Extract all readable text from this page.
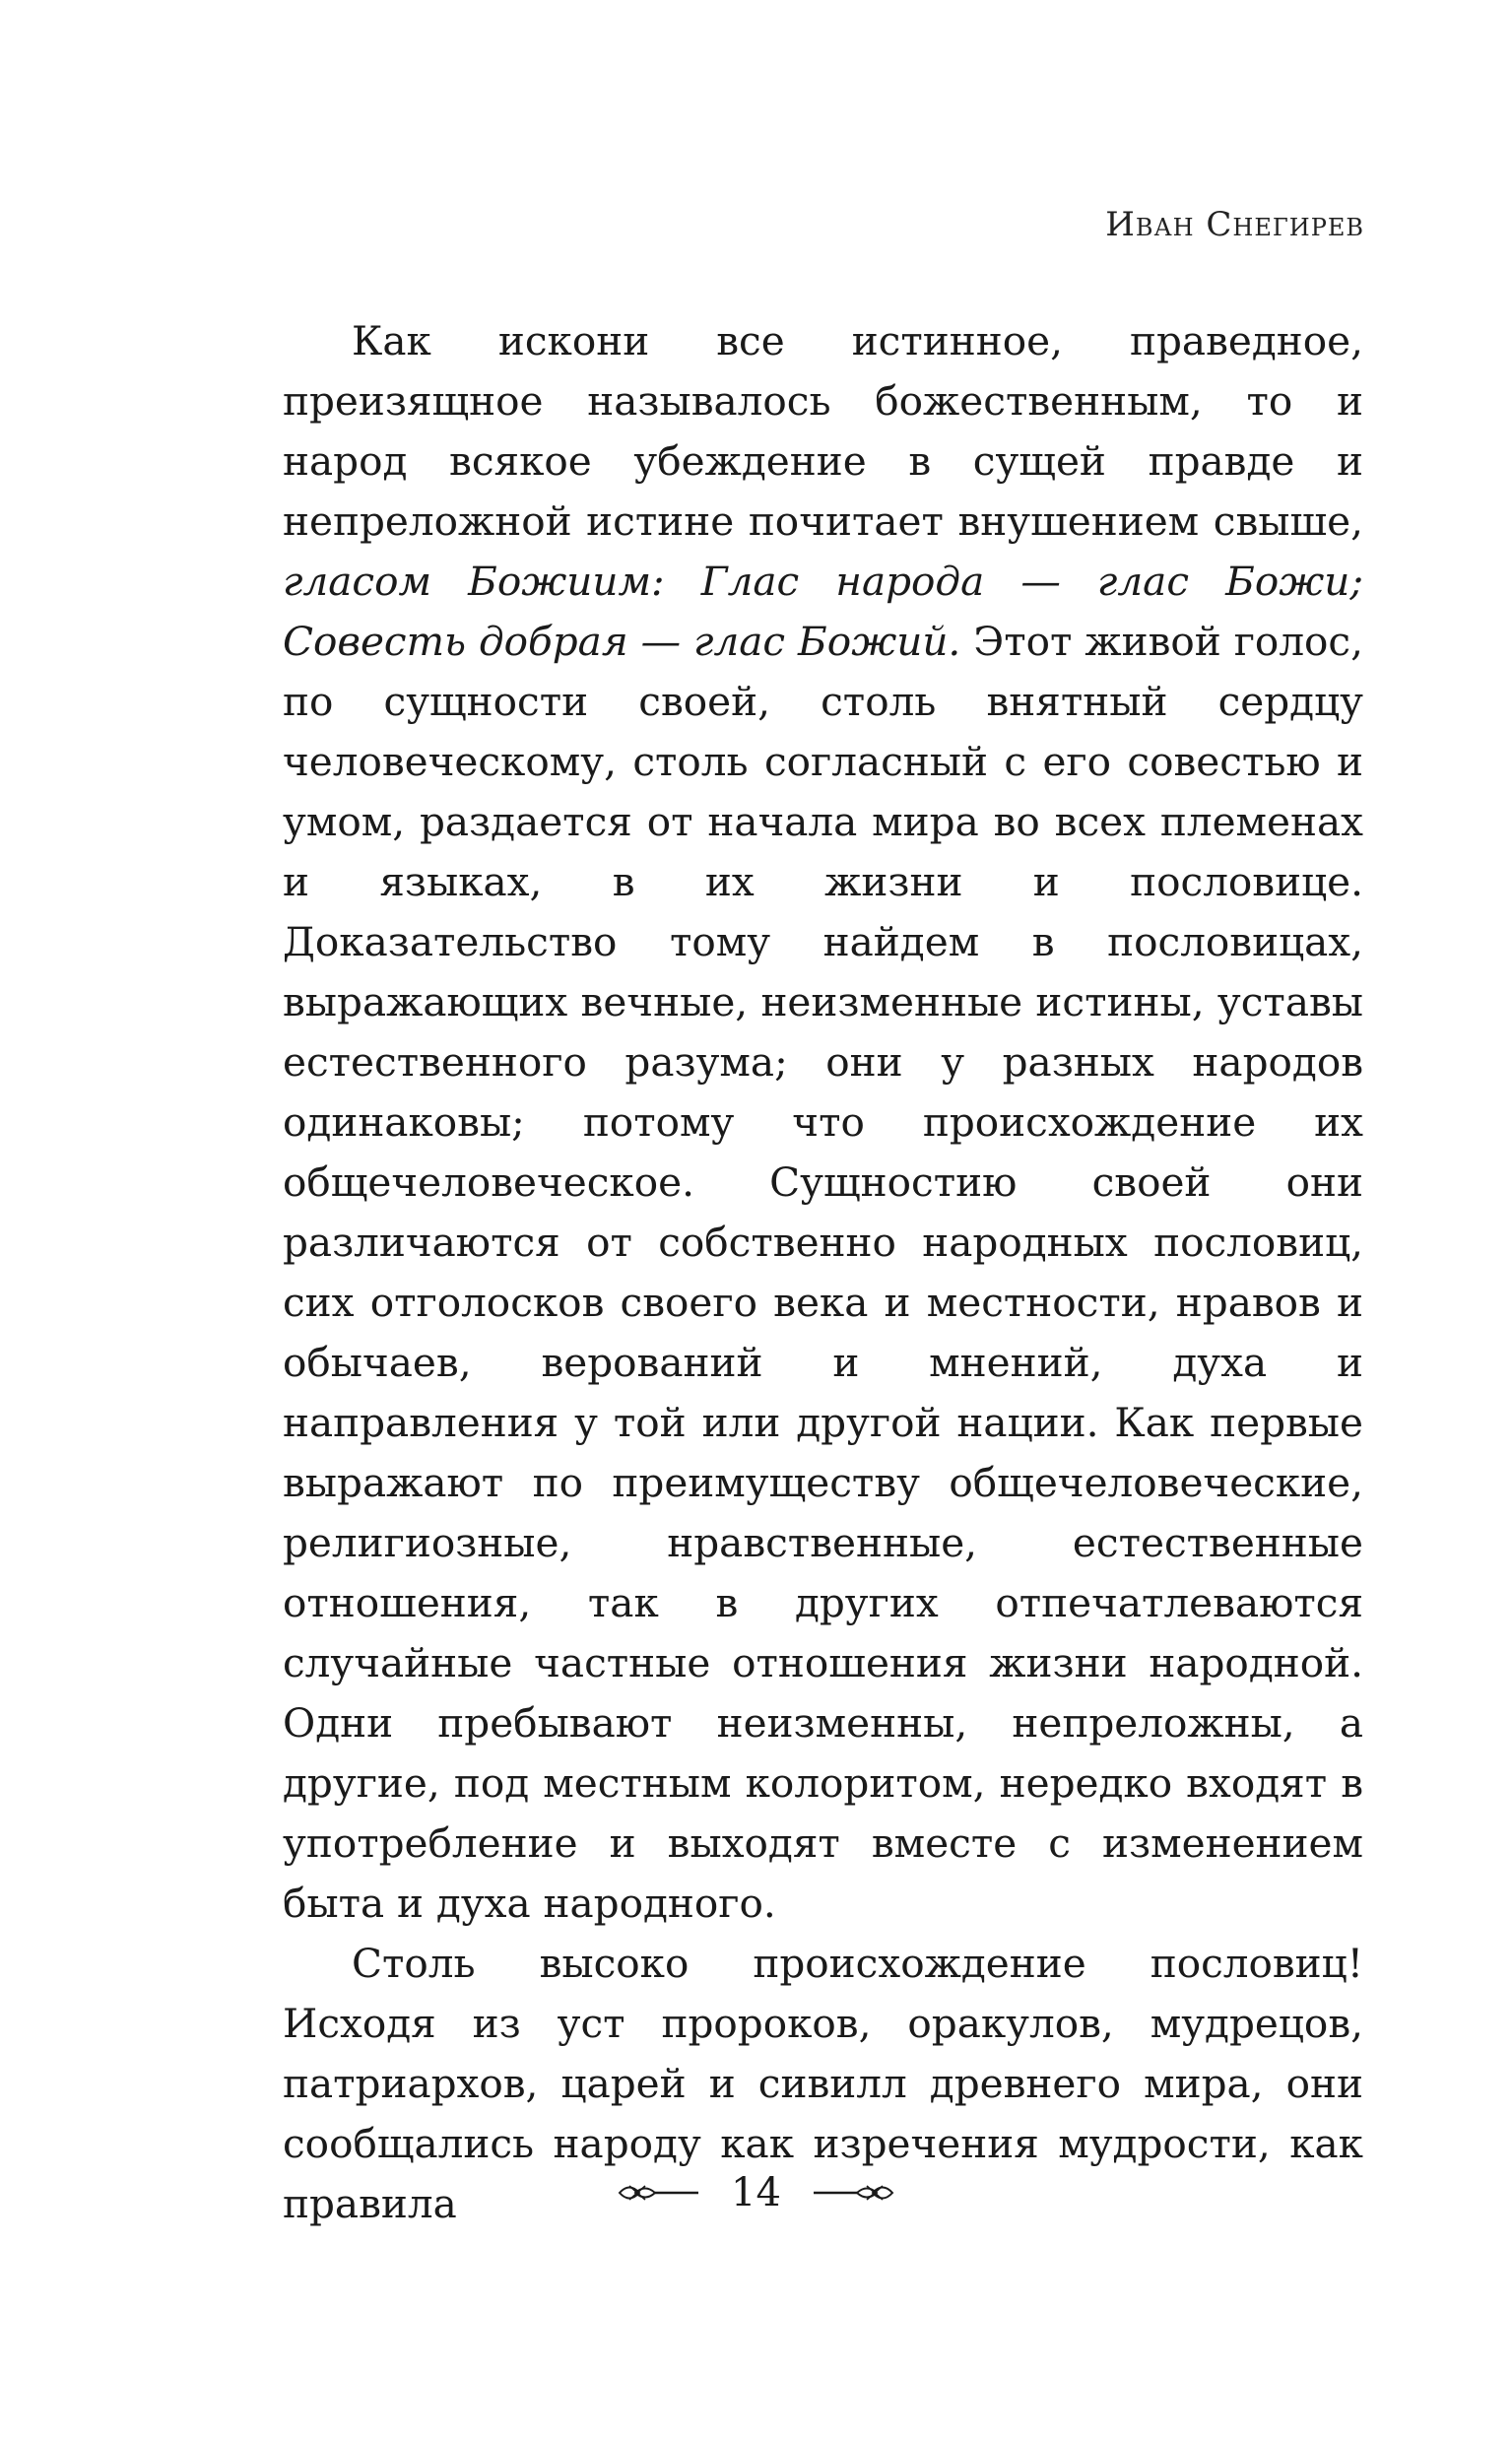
Иван Снегирев

Как искони все истинное, праведное, преизящное называлось божественным, то и народ всякое убеждение в сущей правде и непреложной истине почитает внушением свыше, гласом Божиим: Глас народа — глас Божи; Совесть добрая — глас Божий. Этот живой голос, по сущности своей, столь внятный сердцу человеческому, столь согласный с его совестью и умом, раздается от начала мира во всех племенах и языках, в их жизни и пословице. Доказательство тому найдем в пословицах, выражающих вечные, неизменные истины, уставы естественного разума; они у разных народов одинаковы; потому что происхождение их общечеловеческое. Сущностию своей они различаются от собственно народных пословиц, сих отголосков своего века и местности, нравов и обычаев, верований и мнений, духа и направления у той или другой нации. Как первые выражают по преимуществу общечеловеческие, религиозные, нравственные, естественные отношения, так в других отпечатлеваются случайные частные отношения жизни народной. Одни пребывают неизменны, непреложны, а другие, под местным колоритом, нередко входят в употребление и выходят вместе с изменением быта и духа народного.

Столь высоко происхождение пословиц! Исходя из уст пророков, оракулов, мудрецов, патриархов, царей и сивилл древнего мира, они сообщались народу как изречения мудрости, как правила	14
